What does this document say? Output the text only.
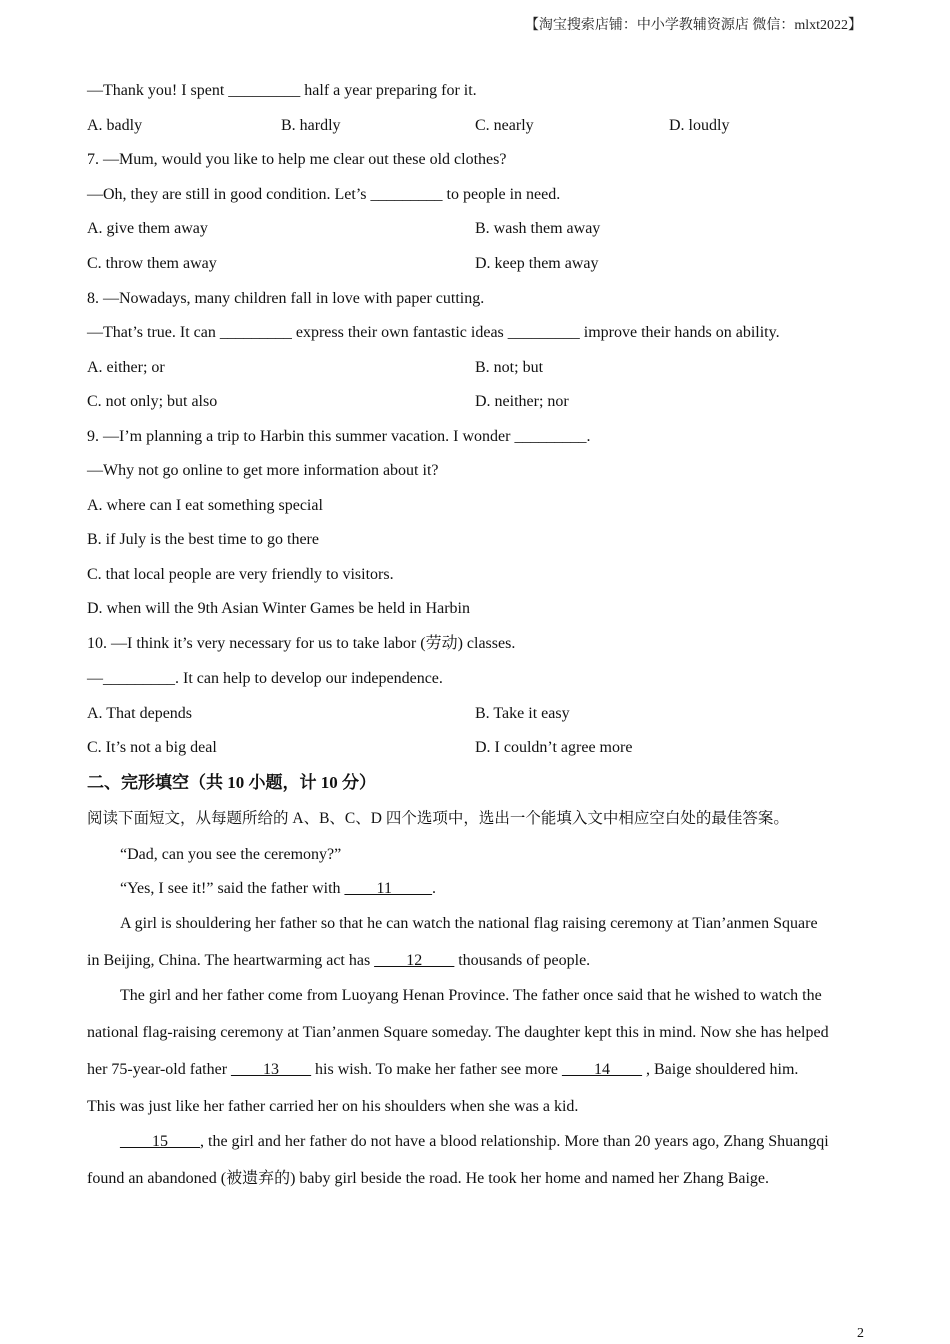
【淘宝搜索店铺：中小学教辅资源店 微信：mlxt2022】
—Thank you! I spent _________ half a year preparing for it.
A. badly	B. hardly	C. nearly	D. loudly
7. —Mum, would you like to help me clear out these old clothes?
—Oh, they are still in good condition. Let’s _________ to people in need.
A. give them away	B. wash them away
C. throw them away	D. keep them away
8. —Nowadays, many children fall in love with paper cutting.
—That’s true. It can _________ express their own fantastic ideas _________ improve their hands on ability.
A. either; or	B. not; but
C. not only; but also	D. neither; nor
9. —I’m planning a trip to Harbin this summer vacation. I wonder _________.
—Why not go online to get more information about it?
A. where can I eat something special
B. if July is the best time to go there
C. that local people are very friendly to visitors.
D. when will the 9th Asian Winter Games be held in Harbin
10. —I think it’s very necessary for us to take labor (劳动) classes.
—_________. It can help to develop our independence.
A. That depends	B. Take it easy
C. It’s not a big deal	D. I couldn’t agree more
二、完形填空（共 10 小题，计 10 分）
阅读下面短文，从每题所给的 A、B、C、D 四个选项中，选出一个能填入文中相应空白处的最佳答案。
“Dad, can you see the ceremony?”
“Yes, I see it!” said the father with ____11_____.
A girl is shouldering her father so that he can watch the national flag raising ceremony at Tian’anmen Square
in Beijing, China. The heartwarming act has ____12____ thousands of people.
The girl and her father come from Luoyang Henan Province. The father once said that he wished to watch the
national flag-raising ceremony at Tian’anmen Square someday. The daughter kept this in mind. Now she has helped
her 75-year-old father ____13____ his wish. To make her father see more ____14____ , Baige shouldered him.
This was just like her father carried her on his shoulders when she was a kid.
____15____, the girl and her father do not have a blood relationship. More than 20 years ago, Zhang Shuangqi
found an abandoned (被遗弃的) baby girl beside the road. He took her home and named her Zhang Baige.
2
